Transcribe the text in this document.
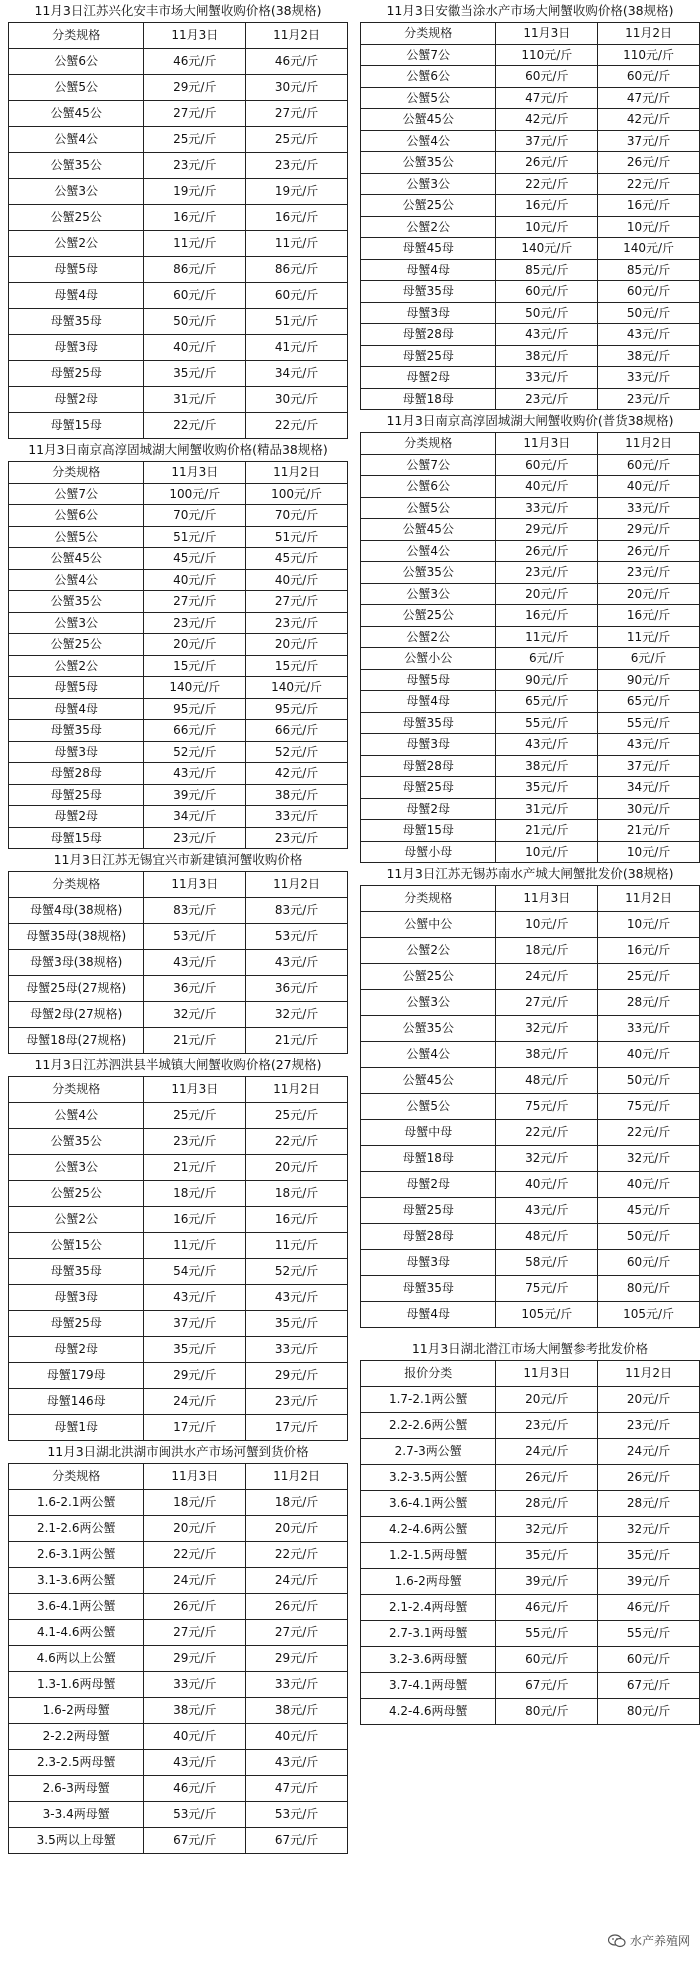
11月3日江苏兴化安丰市场大闸蟹收购价格(38规格)
分类规格	11月3日	11月2日
公蟹6公	46元/斤	46元/斤
公蟹5公	29元/斤	30元/斤
公蟹45公	27元/斤	27元/斤
公蟹4公	25元/斤	25元/斤
公蟹35公	23元/斤	23元/斤
公蟹3公	19元/斤	19元/斤
公蟹25公	16元/斤	16元/斤
公蟹2公	11元/斤	11元/斤
母蟹5母	86元/斤	86元/斤
母蟹4母	60元/斤	60元/斤
母蟹35母	50元/斤	51元/斤
母蟹3母	40元/斤	41元/斤
母蟹25母	35元/斤	34元/斤
母蟹2母	31元/斤	30元/斤
母蟹15母	22元/斤	22元/斤
11月3日南京高淳固城湖大闸蟹收购价格(精品38规格)
分类规格	11月3日	11月2日
公蟹7公	100元/斤	100元/斤
公蟹6公	70元/斤	70元/斤
公蟹5公	51元/斤	51元/斤
公蟹45公	45元/斤	45元/斤
公蟹4公	40元/斤	40元/斤
公蟹35公	27元/斤	27元/斤
公蟹3公	23元/斤	23元/斤
公蟹25公	20元/斤	20元/斤
公蟹2公	15元/斤	15元/斤
母蟹5母	140元/斤	140元/斤
母蟹4母	95元/斤	95元/斤
母蟹35母	66元/斤	66元/斤
母蟹3母	52元/斤	52元/斤
母蟹28母	43元/斤	42元/斤
母蟹25母	39元/斤	38元/斤
母蟹2母	34元/斤	33元/斤
母蟹15母	23元/斤	23元/斤
11月3日江苏无锡宜兴市新建镇河蟹收购价格
分类规格	11月3日	11月2日
母蟹4母(38规格)	83元/斤	83元/斤
母蟹35母(38规格)	53元/斤	53元/斤
母蟹3母(38规格)	43元/斤	43元/斤
母蟹25母(27规格)	36元/斤	36元/斤
母蟹2母(27规格)	32元/斤	32元/斤
母蟹18母(27规格)	21元/斤	21元/斤
11月3日江苏泗洪县半城镇大闸蟹收购价格(27规格)
分类规格	11月3日	11月2日
公蟹4公	25元/斤	25元/斤
公蟹35公	23元/斤	22元/斤
公蟹3公	21元/斤	20元/斤
公蟹25公	18元/斤	18元/斤
公蟹2公	16元/斤	16元/斤
公蟹15公	11元/斤	11元/斤
母蟹35母	54元/斤	52元/斤
母蟹3母	43元/斤	43元/斤
母蟹25母	37元/斤	35元/斤
母蟹2母	35元/斤	33元/斤
母蟹179母	29元/斤	29元/斤
母蟹146母	24元/斤	23元/斤
母蟹1母	17元/斤	17元/斤
11月3日湖北洪湖市闽洪水产市场河蟹到货价格
分类规格	11月3日	11月2日
1.6-2.1两公蟹	18元/斤	18元/斤
2.1-2.6两公蟹	20元/斤	20元/斤
2.6-3.1两公蟹	22元/斤	22元/斤
3.1-3.6两公蟹	24元/斤	24元/斤
3.6-4.1两公蟹	26元/斤	26元/斤
4.1-4.6两公蟹	27元/斤	27元/斤
4.6两以上公蟹	29元/斤	29元/斤
1.3-1.6两母蟹	33元/斤	33元/斤
1.6-2两母蟹	38元/斤	38元/斤
2-2.2两母蟹	40元/斤	40元/斤
2.3-2.5两母蟹	43元/斤	43元/斤
2.6-3两母蟹	46元/斤	47元/斤
3-3.4两母蟹	53元/斤	53元/斤
3.5两以上母蟹	67元/斤	67元/斤
11月3日安徽当涂水产市场大闸蟹收购价格(38规格)
分类规格	11月3日	11月2日
公蟹7公	110元/斤	110元/斤
公蟹6公	60元/斤	60元/斤
公蟹5公	47元/斤	47元/斤
公蟹45公	42元/斤	42元/斤
公蟹4公	37元/斤	37元/斤
公蟹35公	26元/斤	26元/斤
公蟹3公	22元/斤	22元/斤
公蟹25公	16元/斤	16元/斤
公蟹2公	10元/斤	10元/斤
母蟹45母	140元/斤	140元/斤
母蟹4母	85元/斤	85元/斤
母蟹35母	60元/斤	60元/斤
母蟹3母	50元/斤	50元/斤
母蟹28母	43元/斤	43元/斤
母蟹25母	38元/斤	38元/斤
母蟹2母	33元/斤	33元/斤
母蟹18母	23元/斤	23元/斤
11月3日南京高淳固城湖大闸蟹收购价(普货38规格)
分类规格	11月3日	11月2日
公蟹7公	60元/斤	60元/斤
公蟹6公	40元/斤	40元/斤
公蟹5公	33元/斤	33元/斤
公蟹45公	29元/斤	29元/斤
公蟹4公	26元/斤	26元/斤
公蟹35公	23元/斤	23元/斤
公蟹3公	20元/斤	20元/斤
公蟹25公	16元/斤	16元/斤
公蟹2公	11元/斤	11元/斤
公蟹小公	6元/斤	6元/斤
母蟹5母	90元/斤	90元/斤
母蟹4母	65元/斤	65元/斤
母蟹35母	55元/斤	55元/斤
母蟹3母	43元/斤	43元/斤
母蟹28母	38元/斤	37元/斤
母蟹25母	35元/斤	34元/斤
母蟹2母	31元/斤	30元/斤
母蟹15母	21元/斤	21元/斤
母蟹小母	10元/斤	10元/斤
11月3日江苏无锡苏南水产城大闸蟹批发价(38规格)
分类规格	11月3日	11月2日
公蟹中公	10元/斤	10元/斤
公蟹2公	18元/斤	16元/斤
公蟹25公	24元/斤	25元/斤
公蟹3公	27元/斤	28元/斤
公蟹35公	32元/斤	33元/斤
公蟹4公	38元/斤	40元/斤
公蟹45公	48元/斤	50元/斤
公蟹5公	75元/斤	75元/斤
母蟹中母	22元/斤	22元/斤
母蟹18母	32元/斤	32元/斤
母蟹2母	40元/斤	40元/斤
母蟹25母	43元/斤	45元/斤
母蟹28母	48元/斤	50元/斤
母蟹3母	58元/斤	60元/斤
母蟹35母	75元/斤	80元/斤
母蟹4母	105元/斤	105元/斤
11月3日湖北潜江市场大闸蟹参考批发价格
报价分类	11月3日	11月2日
1.7-2.1两公蟹	20元/斤	20元/斤
2.2-2.6两公蟹	23元/斤	23元/斤
2.7-3两公蟹	24元/斤	24元/斤
3.2-3.5两公蟹	26元/斤	26元/斤
3.6-4.1两公蟹	28元/斤	28元/斤
4.2-4.6两公蟹	32元/斤	32元/斤
1.2-1.5两母蟹	35元/斤	35元/斤
1.6-2两母蟹	39元/斤	39元/斤
2.1-2.4两母蟹	46元/斤	46元/斤
2.7-3.1两母蟹	55元/斤	55元/斤
3.2-3.6两母蟹	60元/斤	60元/斤
3.7-4.1两母蟹	67元/斤	67元/斤
4.2-4.6两母蟹	80元/斤	80元/斤
水产养殖网
